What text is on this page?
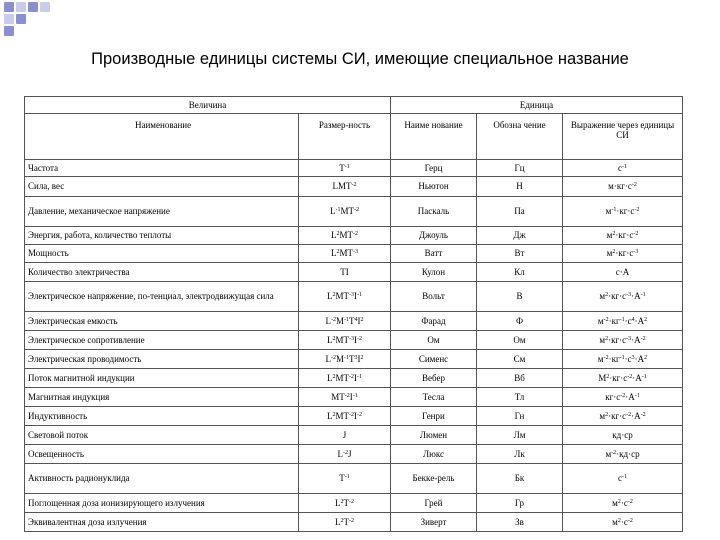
Производные единицы системы СИ, имеющие специальное название
Величина		Единица		
Наименование	Размер-ность	Наиме нование	Обозна чение	Выражение через единицы СИ
Частота	$T^{-1}$	Герц	Гц	$с^{-1}$
Сила, вес	$LMT^{-2}$	Ньютон	Н	$м\cdot кг\cdot с^{-2}$
Давление, механическое напряжение	$L^{-1}MT^{-2}$	Паскаль	Па	$м^{-1}\cdot кг\cdot с^{-2}$
Энергия, работа, количество теплоты	$L^2MT^{-2}$	Джоуль	Дж	$м^2\cdot кг\cdot с^{-2}$
Мощность	$L^2MT^{-3}$	Ватт	Вт	$м^2\cdot кг\cdot с^{-3}$
Количество электричества	TI	Кулон	Кл	с·А
Электрическое напряжение, по-тенциал, электродвижущая сила	$L^2MT^{-3}I^{-1}$	Вольт	В	$м^2\cdot кг\cdot с^{-3}\cdot А^{-1}$
Электрическая емкость	$L^{-2}M^{-1}T^4I^2$	Фарад	Ф	$м^{-2}\cdot кг^{-1}\cdot с^4\cdot А^2$
Электрическое сопротивление	$L^2MT^{-3}I^{-2}$	Ом	Ом	$м^2\cdot кг\cdot с^{-3}\cdot А^{-2}$
Электрическая проводимость	$L^{-2}M^{-1}T^3I^2$	Сименс	См	$м^{-2}\cdot кг^{-1}\cdot с^3\cdot А^2$
Поток магнитной индукции	$L^2MT^{-2}I^{-1}$	Вебер	Вб	$М^2\cdot кг\cdot с^{-2}\cdot А^{-1}$
Магнитная индукция	$MT^{-2}I^{-1}$	Тесла	Тл	$кг\cdot с^{-2}\cdot А^{-1}$
Индуктивность	$L^2MT^{-2}I^{-2}$	Генри	Гн	$м^2\cdot кг\cdot с^{-2}\cdot А^{-2}$
Световой поток	J	Люмен	Лм	кд·ср
Освещенность	$L^{-2}J$	Люкс	Лк	$м^{-2}\cdot кд\cdot ср$
Активность радионуклида	$T^{-1}$	Беккe-рель	Бк	$с^{-1}$
Поглощенная доза ионизирующего излучения	$L^2T^{-2}$	Грей	Гр	$м^2\cdot с^{-2}$
Эквивалентная доза излучения	$L^2T^{-2}$	Зиверт	Зв	$м^2\cdot с^{-2}$
